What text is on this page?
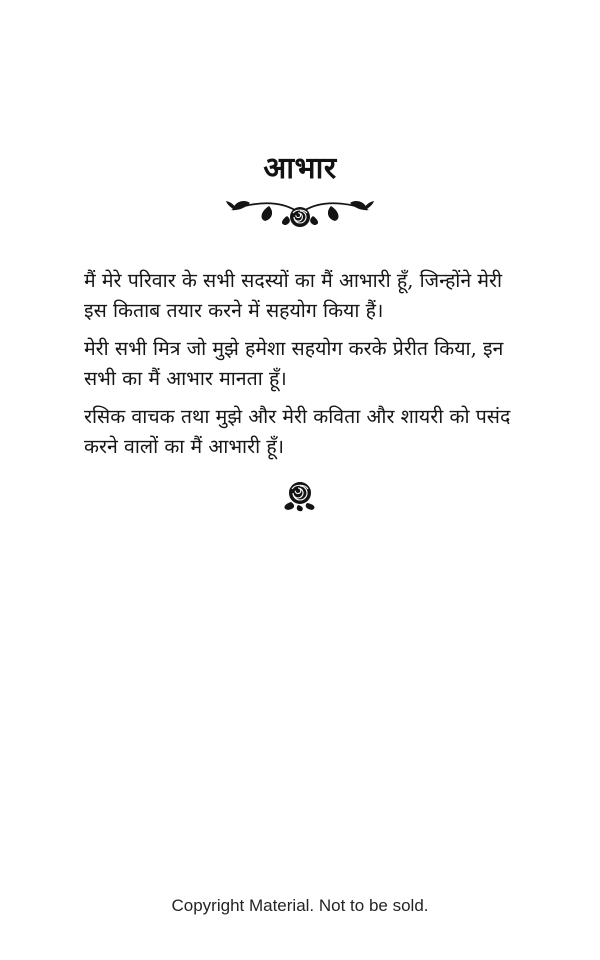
आभार

मैं मेरे परिवार के सभी सदस्यों का मैं आभारी हूँ, जिन्होंने मेरी इस किताब तयार करने में सहयोग किया हैं।

मेरी सभी मित्र जो मुझे हमेशा सहयोग करके प्रेरीत किया, इन सभी का मैं आभार मानता हूँ।

रसिक वाचक तथा मुझे और मेरी कविता और शायरी को पसंद करने वालों का मैं आभारी हूँ।

Copyright Material. Not to be sold.
